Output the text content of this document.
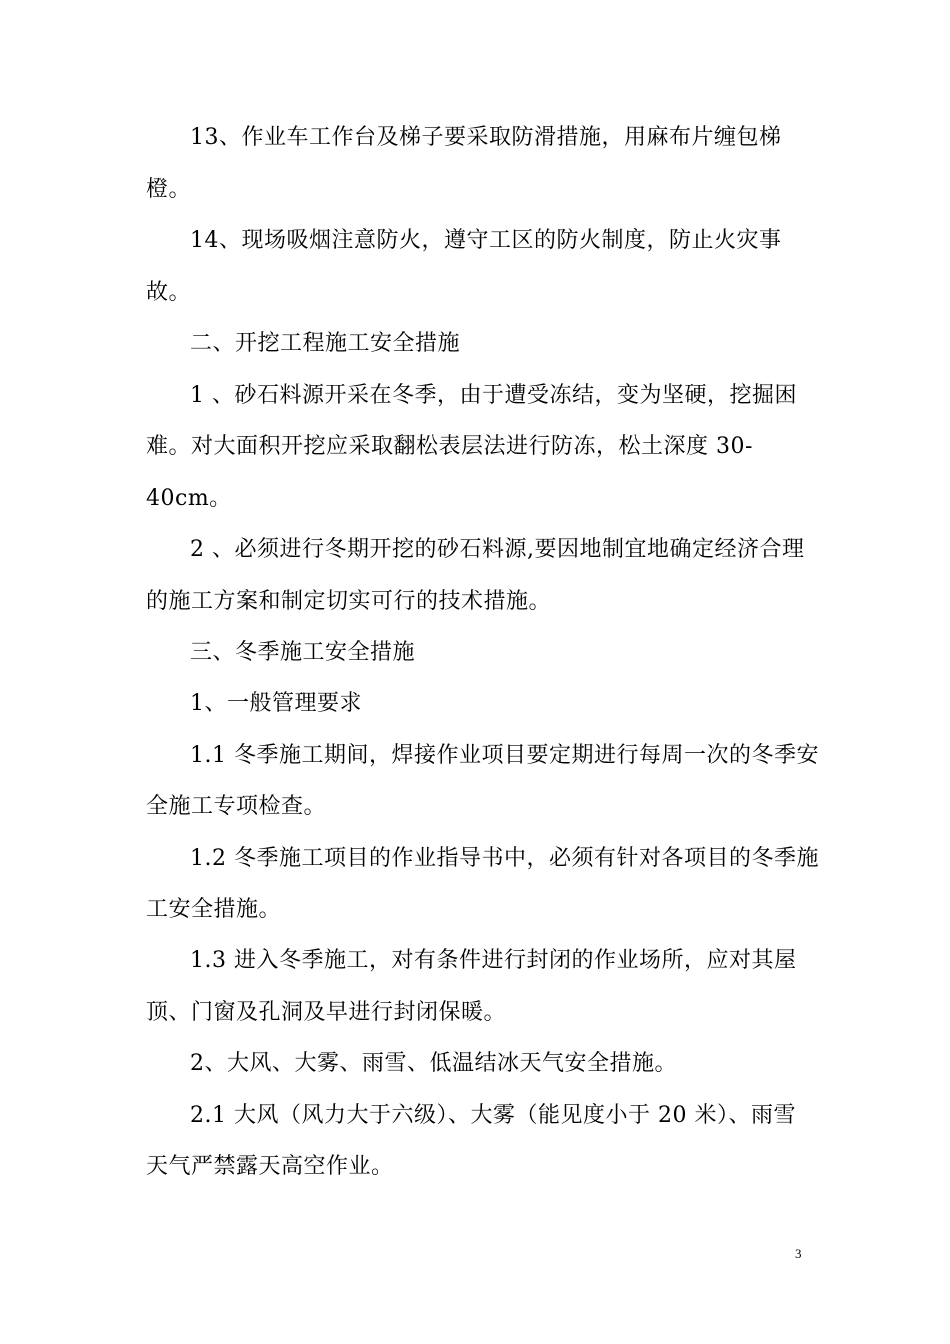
13、作业车工作台及梯子要采取防滑措施，用麻布片缠包梯

橙。

14、现场吸烟注意防火，遵守工区的防火制度，防止火灾事

故。

二、开挖工程施工安全措施

1 、砂石料源开采在冬季，由于遭受冻结，变为坚硬，挖掘困

难。对大面积开挖应采取翻松表层法进行防冻，松土深度 30-

40cm。

2 、必须进行冬期开挖的砂石料源,要因地制宜地确定经济合理

的施工方案和制定切实可行的技术措施。

三、冬季施工安全措施

1、一般管理要求

1.1 冬季施工期间，焊接作业项目要定期进行每周一次的冬季安

全施工专项检查。

1.2 冬季施工项目的作业指导书中，必须有针对各项目的冬季施

工安全措施。

1.3 进入冬季施工，对有条件进行封闭的作业场所，应对其屋

顶、门窗及孔洞及早进行封闭保暖。

2、大风、大雾、雨雪、低温结冰天气安全措施。

2.1 大风（风力大于六级）、大雾（能见度小于 20 米）、雨雪

天气严禁露天高空作业。

3
